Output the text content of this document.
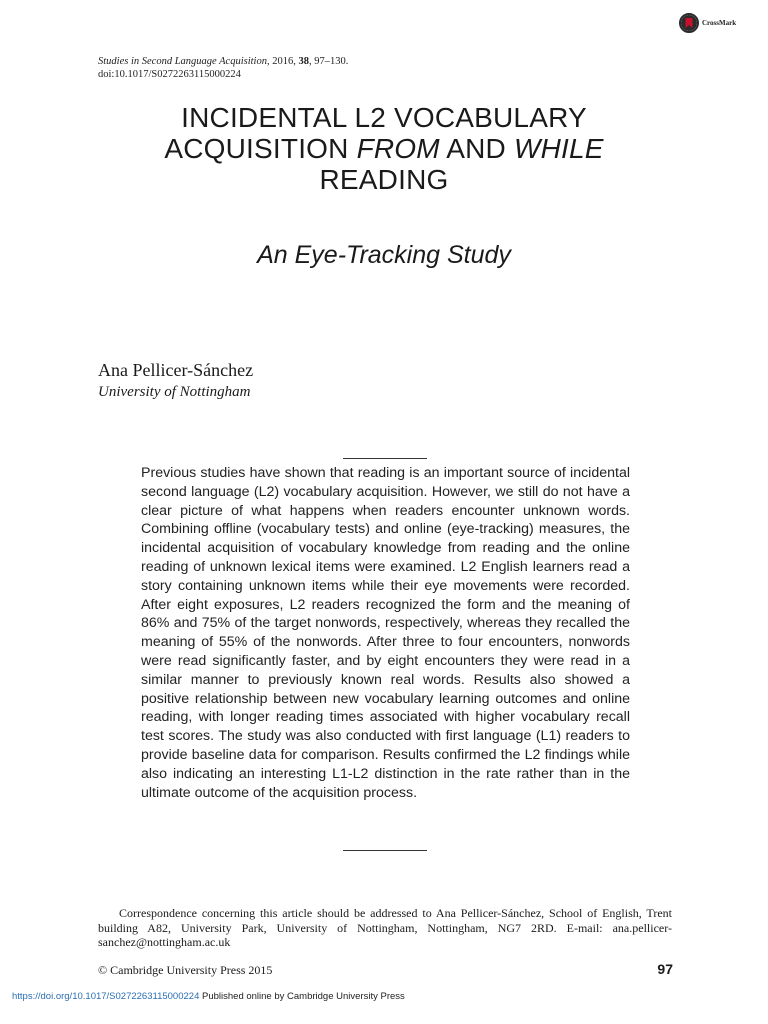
CrossMark
Studies in Second Language Acquisition, 2016, 38, 97–130.
doi:10.1017/S0272263115000224
INCIDENTAL L2 VOCABULARY
ACQUISITION FROM AND WHILE
READING
An Eye-Tracking Study
Ana Pellicer-Sánchez
University of Nottingham
Previous studies have shown that reading is an important source of incidental second language (L2) vocabulary acquisition. However, we still do not have a clear picture of what happens when readers encounter unknown words. Combining offline (vocabulary tests) and online (eye-tracking) measures, the incidental acquisition of vocabulary knowledge from reading and the online reading of unknown lexical items were examined. L2 English learners read a story containing unknown items while their eye movements were recorded. After eight exposures, L2 readers recognized the form and the meaning of 86% and 75% of the target nonwords, respectively, whereas they recalled the meaning of 55% of the nonwords. After three to four encounters, nonwords were read significantly faster, and by eight encounters they were read in a similar manner to previously known real words. Results also showed a positive relationship between new vocabulary learning outcomes and online reading, with longer reading times associated with higher vocabulary recall test scores. The study was also conducted with first language (L1) readers to provide baseline data for comparison. Results confirmed the L2 findings while also indicating an interesting L1-L2 distinction in the rate rather than in the ultimate outcome of the acquisition process.
Correspondence concerning this article should be addressed to Ana Pellicer-Sánchez, School of English, Trent building A82, University Park, University of Nottingham, Nottingham, NG7 2RD. E-mail: ana.pellicer-sanchez@nottingham.ac.uk
© Cambridge University Press 2015	97
https://doi.org/10.1017/S0272263115000224 Published online by Cambridge University Press
